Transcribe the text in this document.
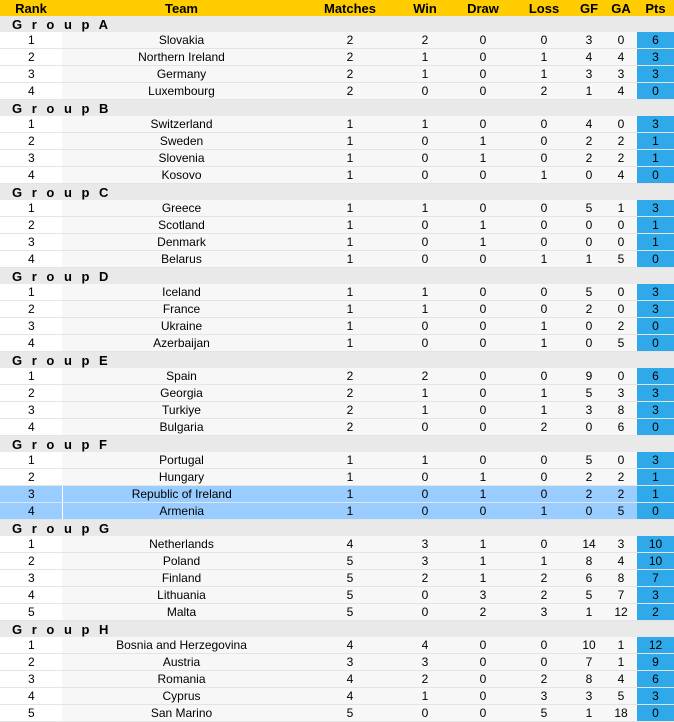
Rank	Team	Matches	Win	Draw	Loss	GF	GA	Pts
G r o u p A								
1	Slovakia	2	2	0	0	3	0	6
2	Northern Ireland	2	1	0	1	4	4	3
3	Germany	2	1	0	1	3	3	3
4	Luxembourg	2	0	0	2	1	4	0
G r o u p B								
1	Switzerland	1	1	0	0	4	0	3
2	Sweden	1	0	1	0	2	2	1
3	Slovenia	1	0	1	0	2	2	1
4	Kosovo	1	0	0	1	0	4	0
G r o u p C								
1	Greece	1	1	0	0	5	1	3
2	Scotland	1	0	1	0	0	0	1
3	Denmark	1	0	1	0	0	0	1
4	Belarus	1	0	0	1	1	5	0
G r o u p D								
1	Iceland	1	1	0	0	5	0	3
2	France	1	1	0	0	2	0	3
3	Ukraine	1	0	0	1	0	2	0
4	Azerbaijan	1	0	0	1	0	5	0
G r o u p E								
1	Spain	2	2	0	0	9	0	6
2	Georgia	2	1	0	1	5	3	3
3	Turkiye	2	1	0	1	3	8	3
4	Bulgaria	2	0	0	2	0	6	0
G r o u p F								
1	Portugal	1	1	0	0	5	0	3
2	Hungary	1	0	1	0	2	2	1
3	Republic of Ireland	1	0	1	0	2	2	1
4	Armenia	1	0	0	1	0	5	0
G r o u p G								
1	Netherlands	4	3	1	0	14	3	10
2	Poland	5	3	1	1	8	4	10
3	Finland	5	2	1	2	6	8	7
4	Lithuania	5	0	3	2	5	7	3
5	Malta	5	0	2	3	1	12	2
G r o u p H								
1	Bosnia and Herzegovina	4	4	0	0	10	1	12
2	Austria	3	3	0	0	7	1	9
3	Romania	4	2	0	2	8	4	6
4	Cyprus	4	1	0	3	3	5	3
5	San Marino	5	0	0	5	1	18	0
